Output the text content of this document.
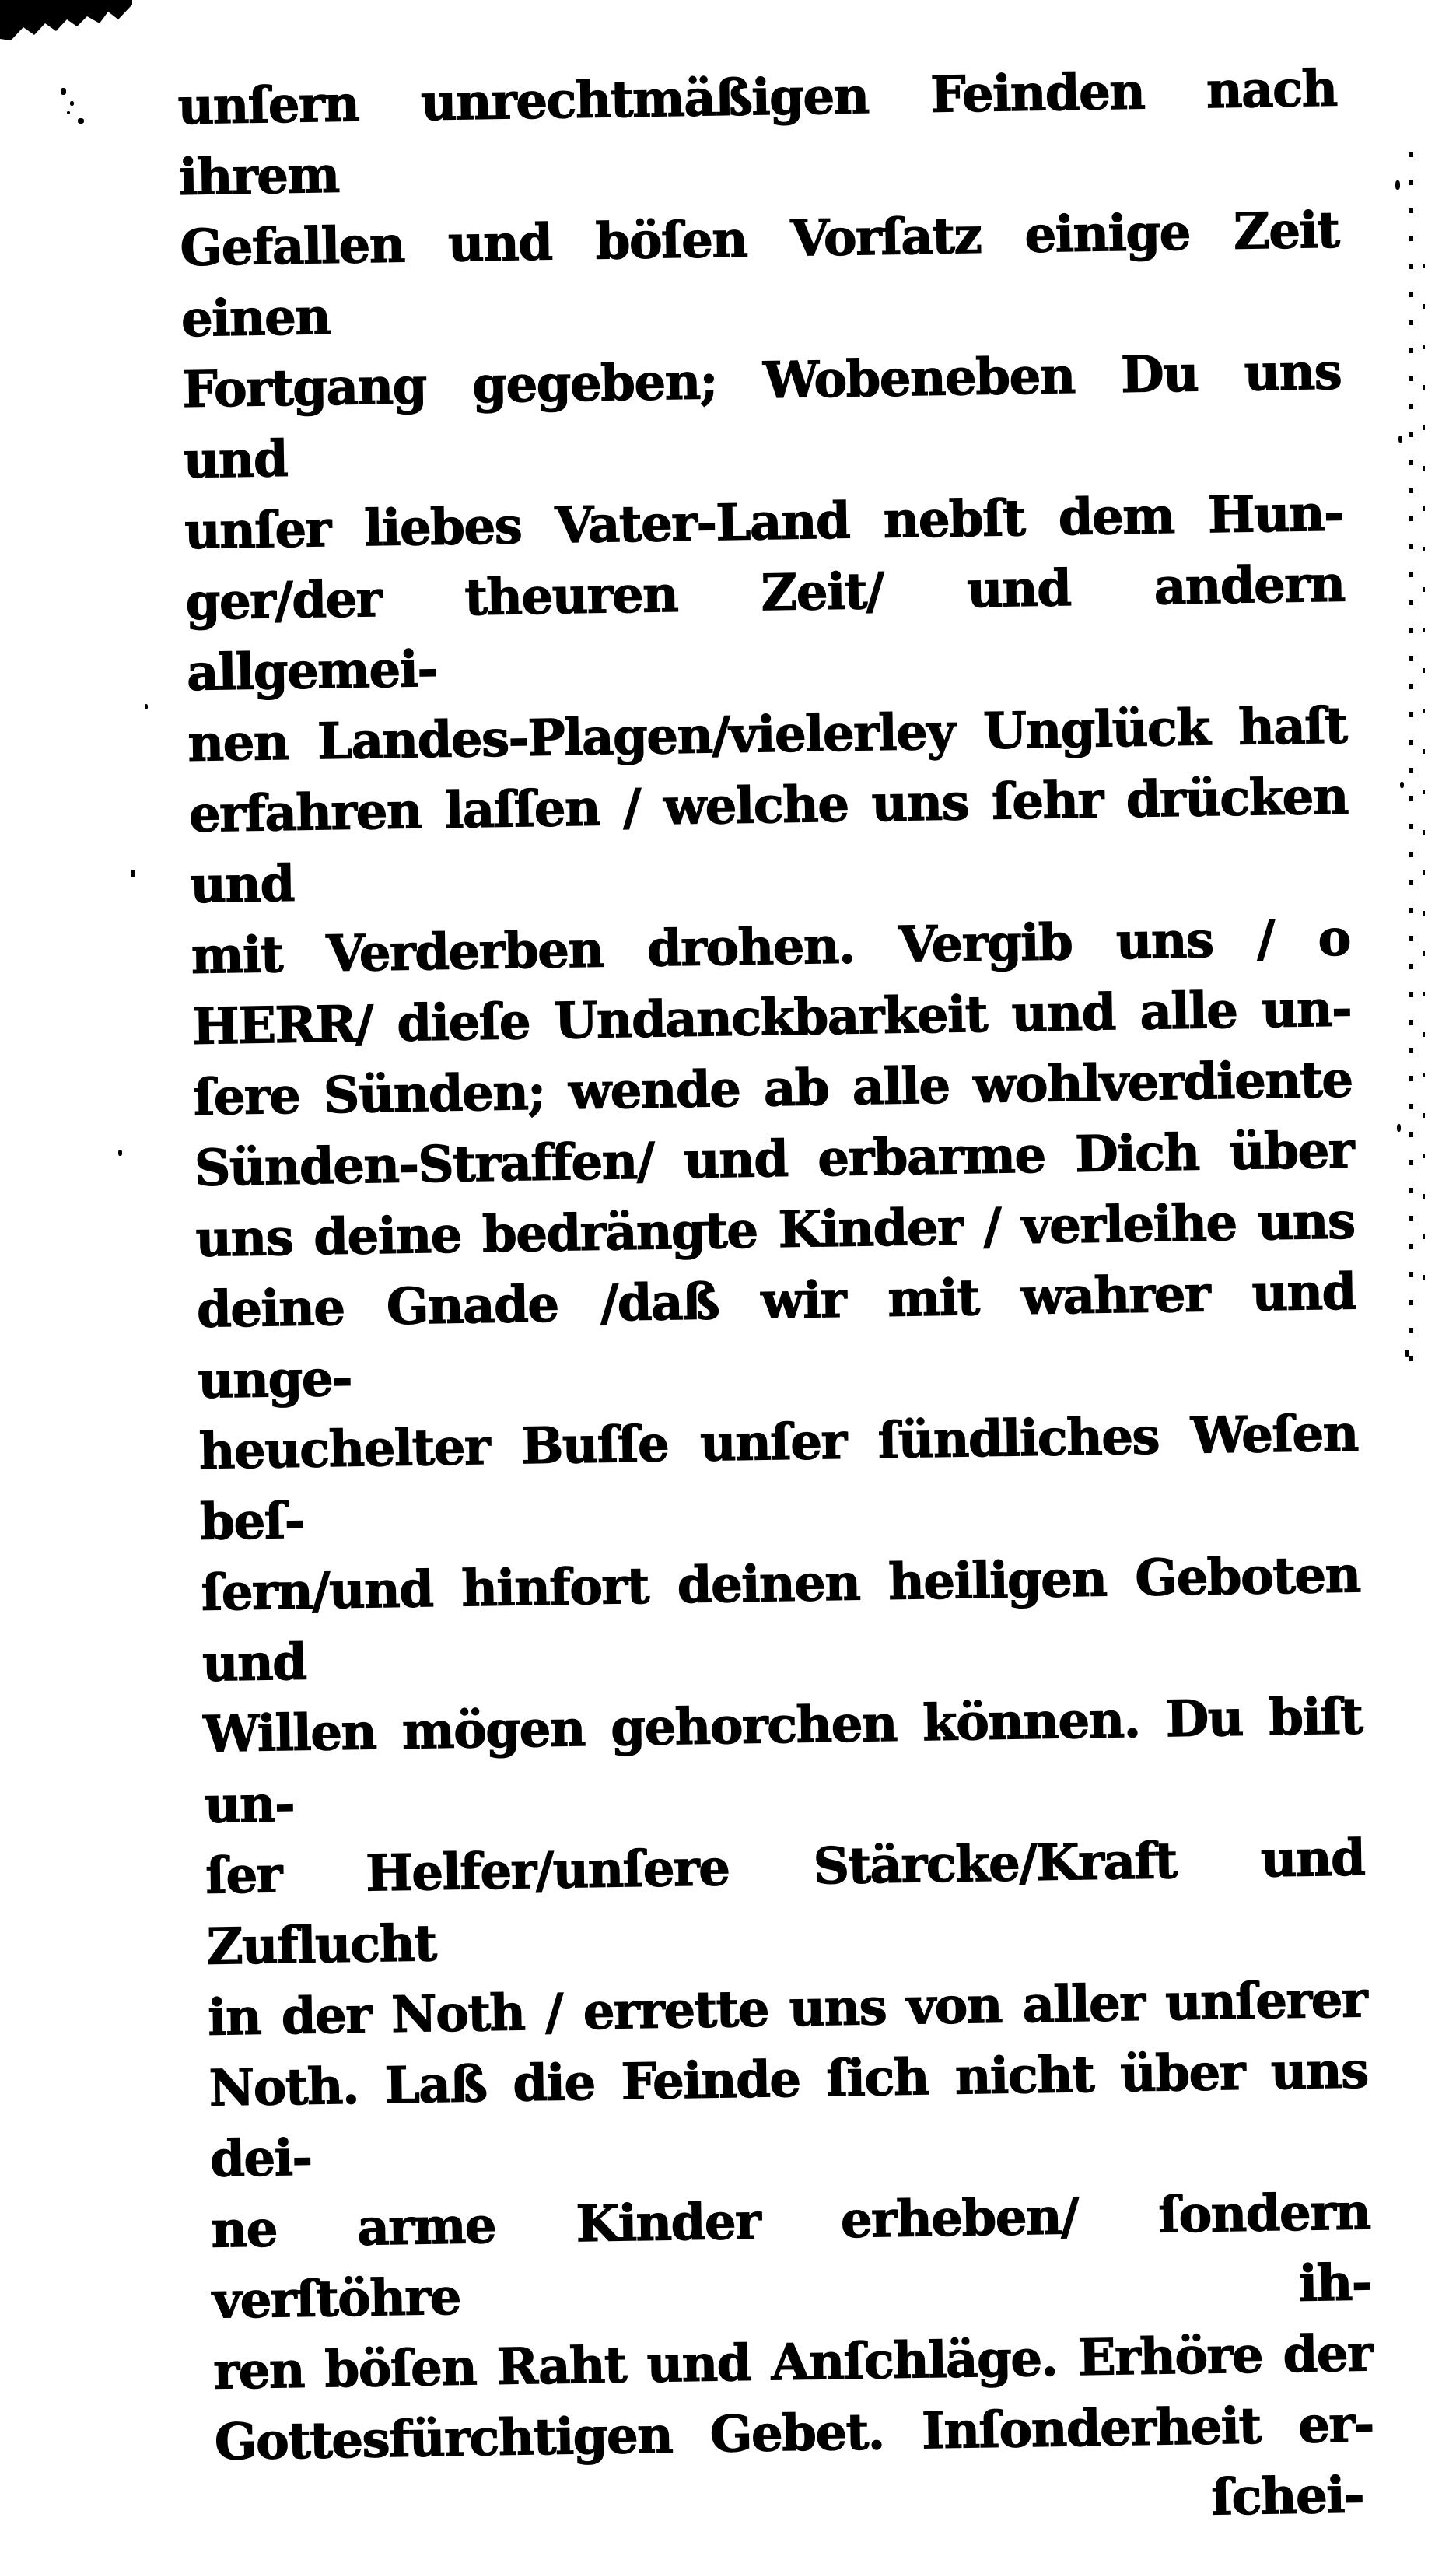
unſern unrechtmäßigen Feinden nach ihrem
Gefallen und böſen Vorſatz einige Zeit einen
Fortgang gegeben; Wobeneben Du uns und
unſer liebes Vater-Land nebſt dem Hun-
ger/der theuren Zeit/ und andern allgemei-
nen Landes-Plagen/vielerley Unglück haſt
erfahren laſſen / welche uns ſehr drücken und
mit Verderben drohen. Vergib uns / o
HERR/ dieſe Undanckbarkeit und alle un-
ſere Sünden; wende ab alle wohlverdiente
Sünden-Straffen/ und erbarme Dich über
uns deine bedrängte Kinder / verleihe uns
deine Gnade /daß wir mit wahrer und unge-
heuchelter Buſſe unſer ſündliches Weſen beſ-
ſern/und hinfort deinen heiligen Geboten und
Willen mögen gehorchen können. Du biſt un-
ſer Helfer/unſere Stärcke/Kraft und Zuflucht
in der Noth / errette uns von aller unſerer
Noth. Laß die Feinde ſich nicht über uns dei-
ne arme Kinder erheben/ ſondern verſtöhre ih-
ren böſen Raht und Anſchläge. Erhöre der
Gottesfürchtigen Gebet. Inſonderheit er-
ſchei-
